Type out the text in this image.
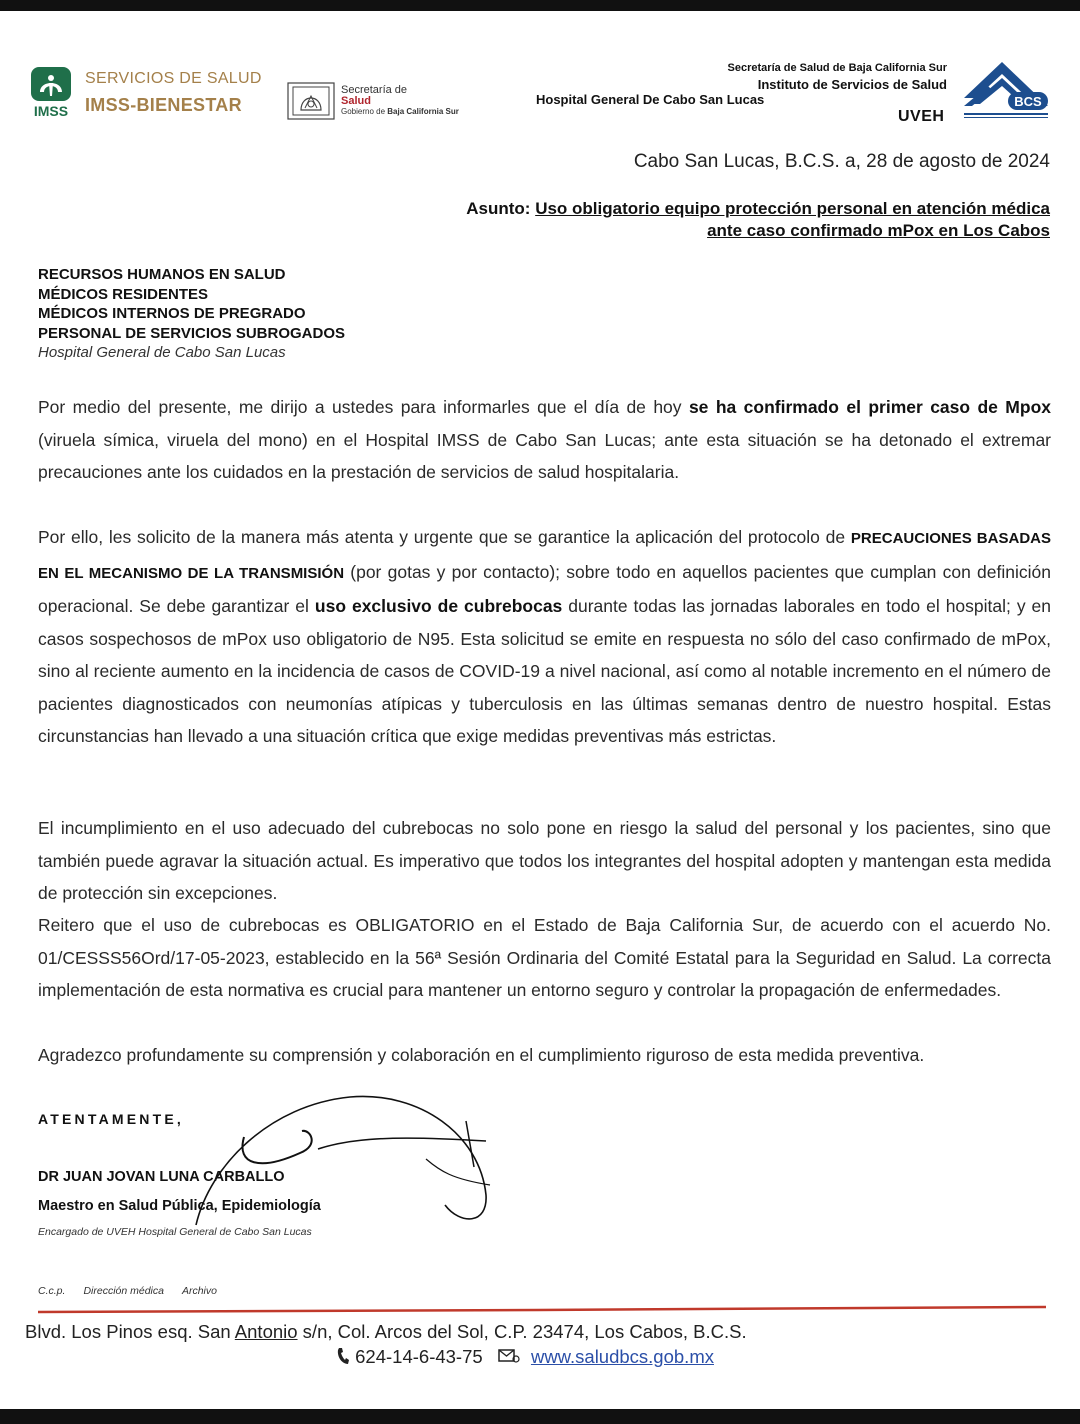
IMSS
SERVICIOS DE SALUD
IMSS-BIENESTAR
Secretaría de
Salud
Gobierno de Baja California Sur
Secretaría de Salud de Baja California Sur
Instituto de Servicios de Salud
Hospital General De Cabo San Lucas
UVEH
BCS
Cabo San Lucas, B.C.S. a, 28 de agosto de 2024
Asunto: Uso obligatorio equipo protección personal en atención médica
ante caso confirmado mPox en Los Cabos
RECURSOS HUMANOS EN SALUD
MÉDICOS RESIDENTES
MÉDICOS INTERNOS DE PREGRADO
PERSONAL DE SERVICIOS SUBROGADOS
Hospital General de Cabo San Lucas
Por medio del presente, me dirijo a ustedes para informarles que el día de hoy se ha confirmado el primer caso de Mpox (viruela símica, viruela del mono) en el Hospital IMSS de Cabo San Lucas; ante esta situación se ha detonado el extremar precauciones ante los cuidados en la prestación de servicios de salud hospitalaria.
Por ello, les solicito de la manera más atenta y urgente que se garantice la aplicación del protocolo de PRECAUCIONES BASADAS EN EL MECANISMO DE LA TRANSMISIÓN (por gotas y por contacto); sobre todo en aquellos pacientes que cumplan con definición operacional. Se debe garantizar el uso exclusivo de cubrebocas durante todas las jornadas laborales en todo el hospital; y en casos sospechosos de mPox uso obligatorio de N95. Esta solicitud se emite en respuesta no sólo del caso confirmado de mPox, sino al reciente aumento en la incidencia de casos de COVID-19 a nivel nacional, así como al notable incremento en el número de pacientes diagnosticados con neumonías atípicas y tuberculosis en las últimas semanas dentro de nuestro hospital. Estas circunstancias han llevado a una situación crítica que exige medidas preventivas más estrictas.
El incumplimiento en el uso adecuado del cubrebocas no solo pone en riesgo la salud del personal y los pacientes, sino que también puede agravar la situación actual. Es imperativo que todos los integrantes del hospital adopten y mantengan esta medida de protección sin excepciones.
Reitero que el uso de cubrebocas es OBLIGATORIO en el Estado de Baja California Sur, de acuerdo con el acuerdo No. 01/CESSS56Ord/17-05-2023, establecido en la 56ª Sesión Ordinaria del Comité Estatal para la Seguridad en Salud. La correcta implementación de esta normativa es crucial para mantener un entorno seguro y controlar la propagación de enfermedades.
Agradezco profundamente su comprensión y colaboración en el cumplimiento riguroso de esta medida preventiva.
ATENTAMENTE,
DR JUAN JOVAN LUNA CARBALLO
Maestro en Salud Pública, Epidemiología
Encargado de UVEH Hospital General de Cabo San Lucas
C.c.p. Dirección médica Archivo
Blvd. Los Pinos esq. San Antonio s/n, Col. Arcos del Sol, C.P. 23474, Los Cabos, B.C.S.
624-14-6-43-75	www.saludbcs.gob.mx
